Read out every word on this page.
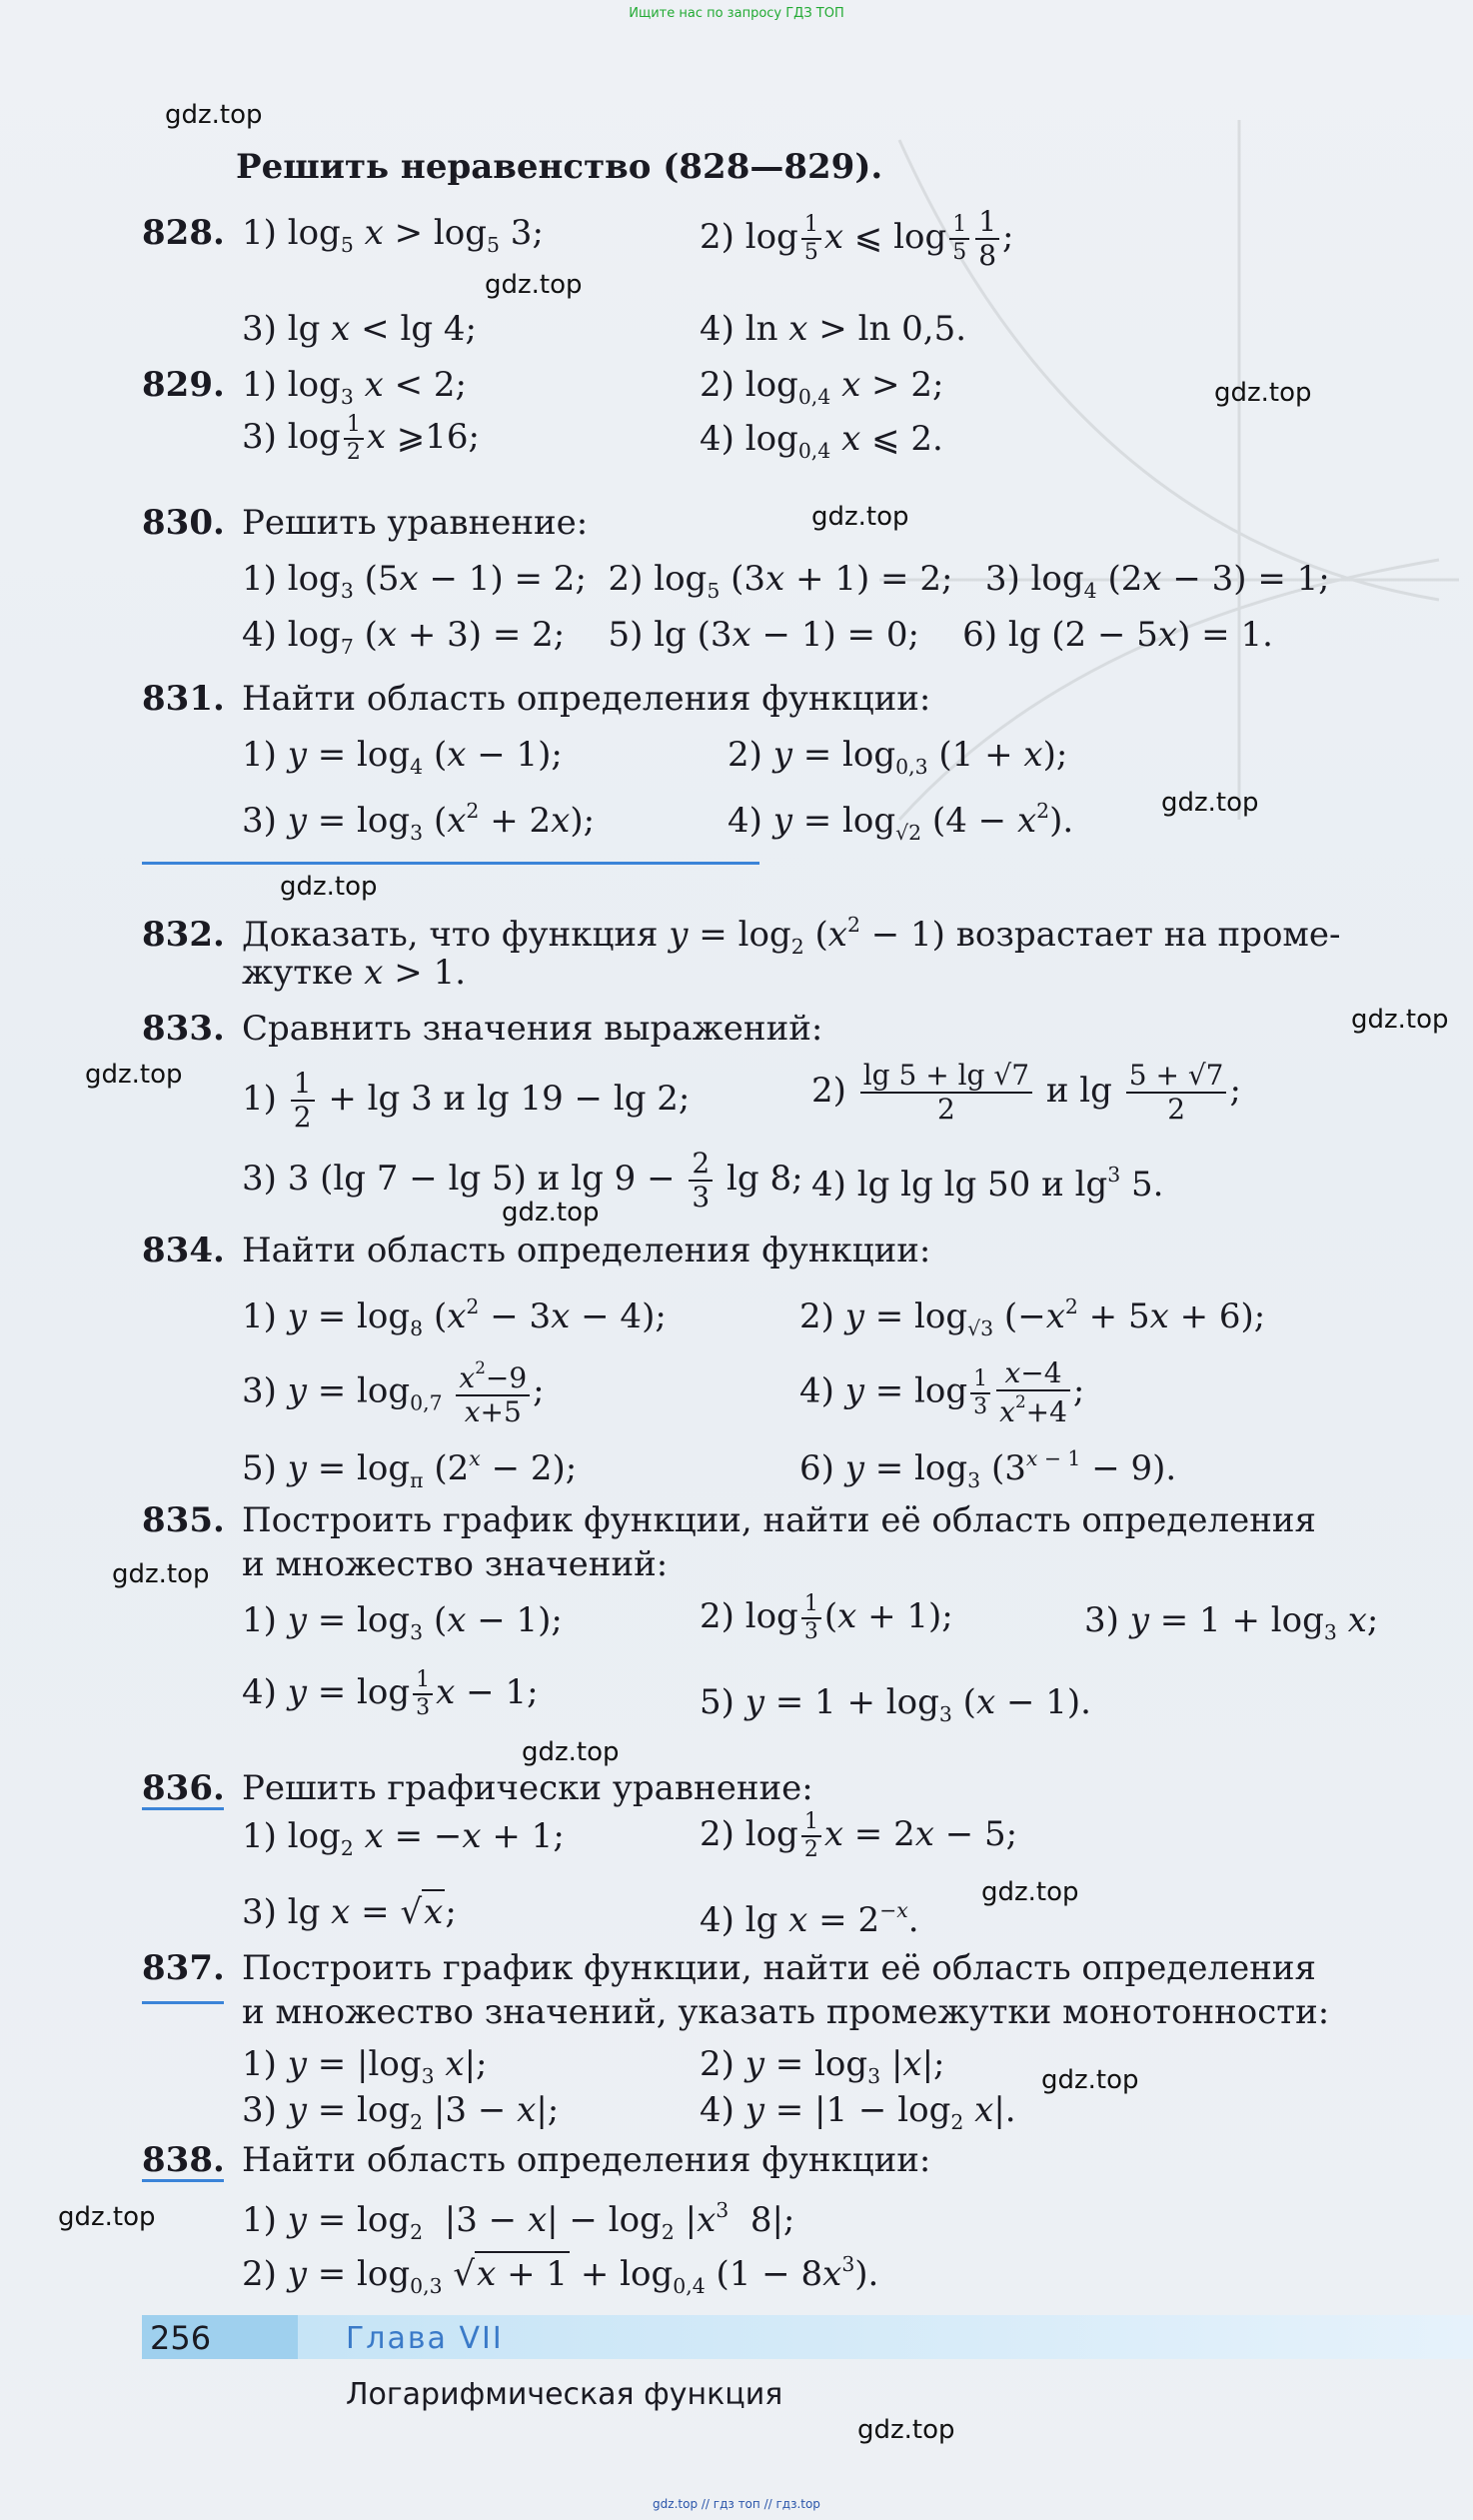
Ищите нас по запросу ГДЗ ТОП
gdz.top
gdz.top
gdz.top
gdz.top
gdz.top
gdz.top
gdz.top
gdz.top
gdz.top
gdz.top
gdz.top
gdz.top
gdz.top
gdz.top
gdz.top
Решить неравенство (828—829).
828. 1) $\log_5 x > \log_5 3$;	2) $\log \frac{1}{5}$ x ⩽ $\log \frac{1}{5} \frac{1}{8}$ ;
3) lg x < lg 4;	4) ln x > ln 0,5.
829. 1) $\log_3 x < 2$;	2) $\log_{0,4} x > 2$;
3) $\log \frac{1}{2}$ x ⩾16;	4) $\log_{0,4} x$ ⩽ 2.
830. Решить уравнение:
1) $\log_3 (5x - 1) = 2$;  2) $\log_5 (3x + 1) = 2$;   3) $\log_4 (2x - 3) = 1$;
4) $\log_7 (x + 3) = 2$;    5) lg (3x − 1) = 0;    6) lg (2 − 5x) = 1.
831. Найти область определения функции:
1) $y = \log_4 (x - 1)$;	2) $y = \log_{0,3} (1 + x)$;
3) $y = \log_3 (x^2 + 2x)$;	4) $y = \log_{√2} (4 - x^2)$.
832. Доказать, что функция $y = \log_2 (x^2 - 1)$ возрастает на проме-
жутке x > 1.
833. Сравнить значения выражений:
$1) \frac{1}{2} + \lg 3$ и lg 19 − lg 2;	$2) \frac{\lg 5 + \lg √7}{2}$ и $\lg \frac{5 + √7}{2}$ ;
3) 3 (lg 7 − lg 5) и $\lg 9 - \frac{2}{3}$ lg 8; 4) lg lg lg 50 и $\lg^3 5$.
834. Найти область определения функции:
1) $y = \log_8 (x^2 - 3x - 4)$;	2) $y = \log_{√3} (-x^2 + 5x + 6)$;
3) $y = \log_{0,7} \frac{x^2-9}{x+5}$ ;	4) $y = \log \frac{1}{3} \frac{x-4}{x^2+4}$ ;
5) $y = \log_\pi (2^x - 2)$;	6) $y = \log_3 (3^{x - 1} - 9)$.
835. Построить график функции, найти её область определения
и множество значений:
1) $y = \log_3 (x - 1)$;	2) $\log \frac{1}{3} (x + 1)$;	3) $y = 1 + \log_3 x$;
4) $y = \log \frac{1}{3}$ x − 1;	5) $y = 1 + \log_3 (x - 1)$.
836. Решить графически уравнение:
1) $\log_2 x = -x + 1$;	2) $\log \frac{1}{2}$ x = 2x − 5;
3) lg x = √x;	4) $\lg x = 2^{-x}$.
837. Построить график функции, найти её область определения
и множество значений, указать промежутки монотонности:
1) $y = |\log_3$ x|;	2) $y = \log_3 |x|$;
3) $y = \log_2 |3 - x|$;	4) $y = |1 - \log_2 x|$.
838. Найти область определения функции:
1) $y = \log_2 |3 - x| - \log_2 |x^3$  8|;
2) $y = \log_{0,3} √x + 1 + \log_{0,4} (1 - 8x^3)$.
256	Глава VII
Логарифмическая функция
gdz.top // гдз топ // гдз.top
